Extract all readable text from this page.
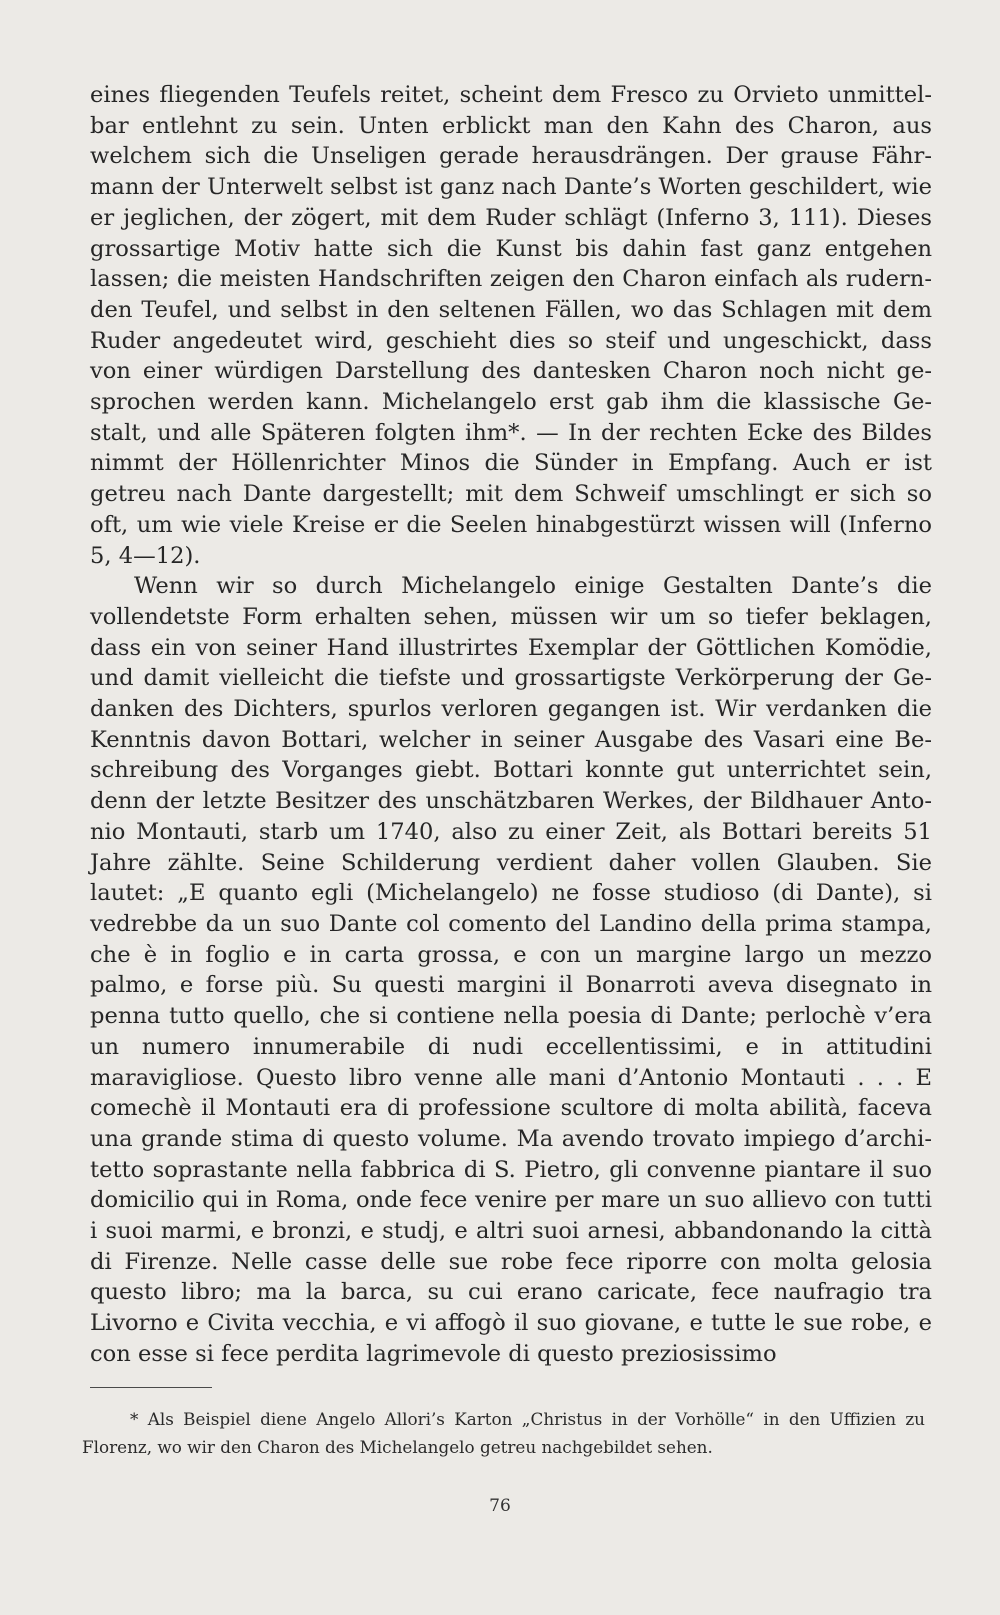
eines fliegenden Teufels reitet, scheint dem Fresco zu Orvieto unmittelbar entlehnt zu sein. Unten erblickt man den Kahn des Charon, aus welchem sich die Unseligen gerade herausdrängen. Der grause Fährmann der Unterwelt selbst ist ganz nach Dante’s Worten geschildert, wie er jeglichen, der zögert, mit dem Ruder schlägt (Inferno 3, 111). Dieses grossartige Motiv hatte sich die Kunst bis dahin fast ganz entgehen lassen; die meisten Handschriften zeigen den Charon einfach als rudernden Teufel, und selbst in den seltenen Fällen, wo das Schlagen mit dem Ruder angedeutet wird, geschieht dies so steif und ungeschickt, dass von einer würdigen Darstellung des dantesken Charon noch nicht gesprochen werden kann. Michelangelo erst gab ihm die klassische Gestalt, und alle Späteren folgten ihm*. — In der rechten Ecke des Bildes nimmt der Höllenrichter Minos die Sünder in Empfang. Auch er ist getreu nach Dante dargestellt; mit dem Schweif umschlingt er sich so oft, um wie viele Kreise er die Seelen hinabgestürzt wissen will (Inferno 5, 4—12).

Wenn wir so durch Michelangelo einige Gestalten Dante’s die vollendetste Form erhalten sehen, müssen wir um so tiefer beklagen, dass ein von seiner Hand illustrirtes Exemplar der Göttlichen Komödie, und damit vielleicht die tiefste und grossartigste Verkörperung der Gedanken des Dichters, spurlos verloren gegangen ist. Wir verdanken die Kenntnis davon Bottari, welcher in seiner Ausgabe des Vasari eine Beschreibung des Vorganges giebt. Bottari konnte gut unterrichtet sein, denn der letzte Besitzer des unschätzbaren Werkes, der Bildhauer Antonio Montauti, starb um 1740, also zu einer Zeit, als Bottari bereits 51 Jahre zählte. Seine Schilderung verdient daher vollen Glauben. Sie lautet: „E quanto egli (Michelangelo) ne fosse studioso (di Dante), si vedrebbe da un suo Dante col comento del Landino della prima stampa, che è in foglio e in carta grossa, e con un margine largo un mezzo palmo, e forse più. Su questi margini il Bonarroti aveva disegnato in penna tutto quello, che si contiene nella poesia di Dante; perlochè v’era un numero innumerabile di nudi eccellentissimi, e in attitudini maravigliose. Questo libro venne alle mani d’Antonio Montauti . . . E comechè il Montauti era di professione scultore di molta abilità, faceva una grande stima di questo volume. Ma avendo trovato impiego d’architetto soprastante nella fabbrica di S. Pietro, gli convenne piantare il suo domicilio qui in Roma, onde fece venire per mare un suo allievo con tutti i suoi marmi, e bronzi, e studj, e altri suoi arnesi, abbandonando la città di Firenze. Nelle casse delle sue robe fece riporre con molta gelosia questo libro; ma la barca, su cui erano caricate, fece naufragio tra Livorno e Civita vecchia, e vi affogò il suo giovane, e tutte le sue robe, e con esse si fece perdita lagrimevole di questo preziosissimo

* Als Beispiel diene Angelo Allori’s Karton „Christus in der Vorhölle“ in den Uffizien zu Florenz, wo wir den Charon des Michelangelo getreu nachgebildet sehen.
76
